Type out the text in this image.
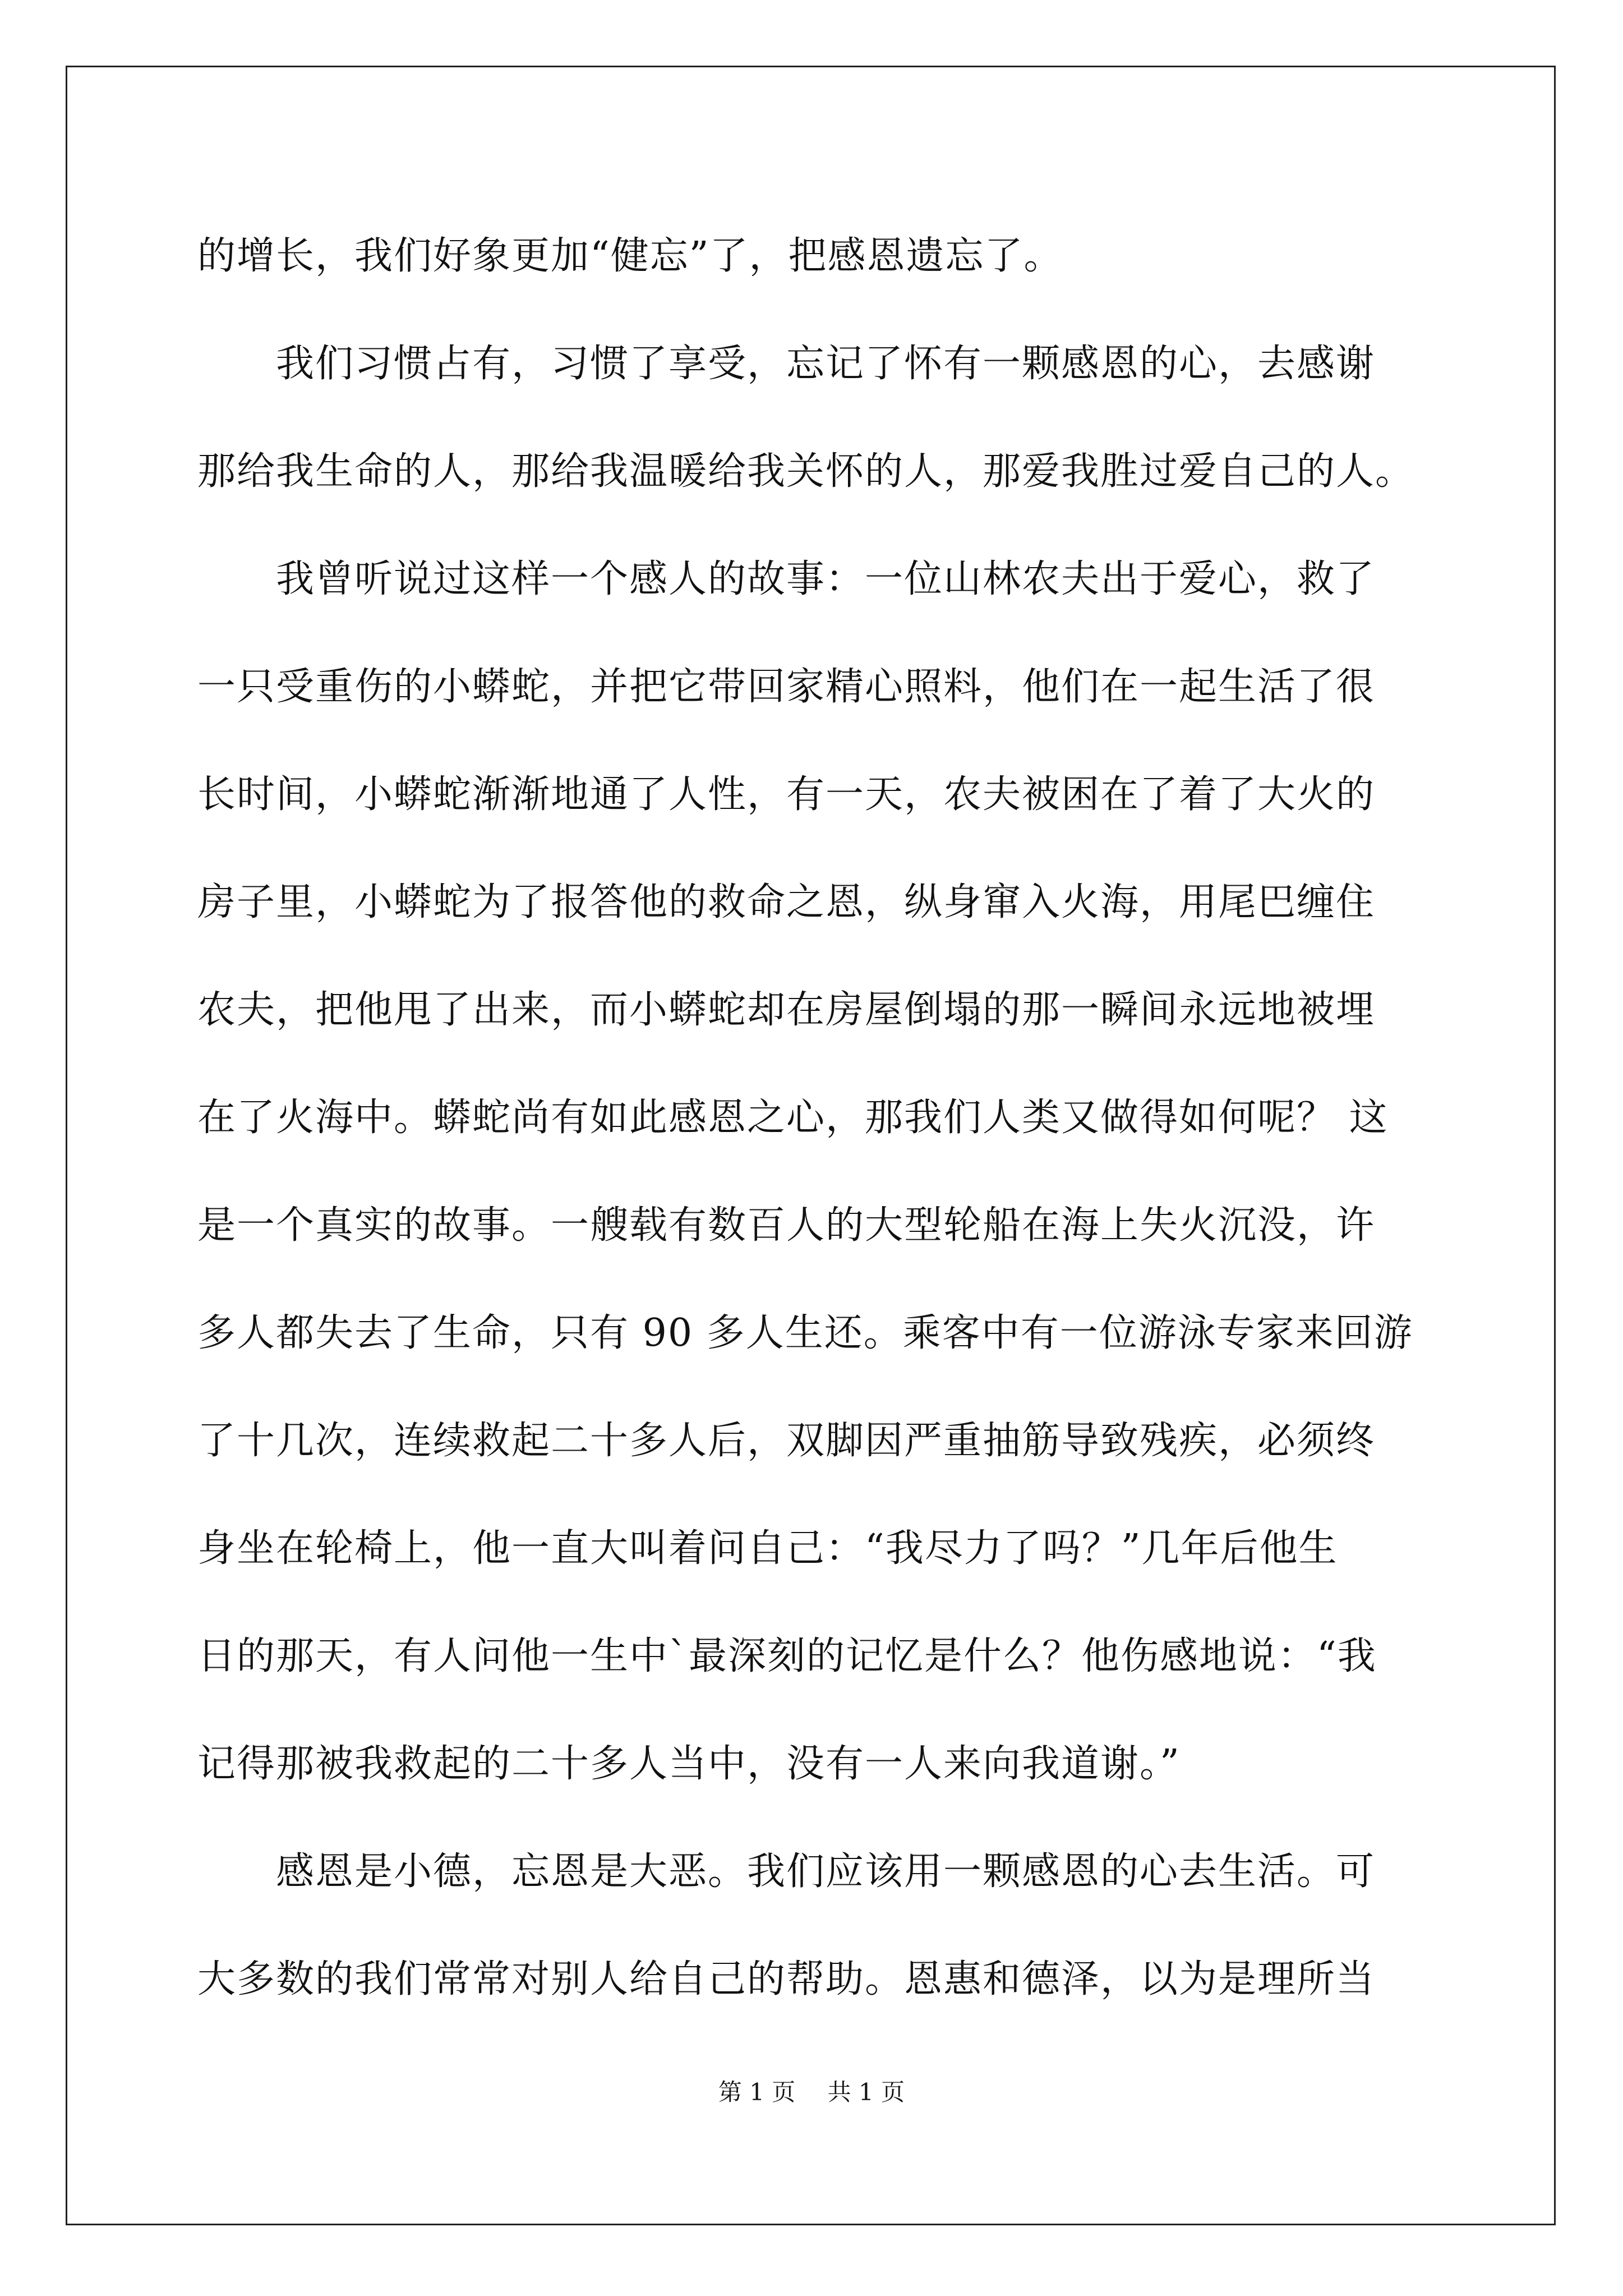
的增长，我们好象更加“健忘”了，把感恩遗忘了。
　　我们习惯占有，习惯了享受，忘记了怀有一颗感恩的心，去感谢
那给我生命的人，那给我温暖给我关怀的人，那爱我胜过爱自己的人。
　　我曾听说过这样一个感人的故事：一位山林农夫出于爱心，救了
一只受重伤的小蟒蛇，并把它带回家精心照料，他们在一起生活了很
长时间，小蟒蛇渐渐地通了人性，有一天，农夫被困在了着了大火的
房子里，小蟒蛇为了报答他的救命之恩，纵身窜入火海，用尾巴缠住
农夫，把他甩了出来，而小蟒蛇却在房屋倒塌的那一瞬间永远地被埋
在了火海中。蟒蛇尚有如此感恩之心，那我们人类又做得如何呢？ 这
是一个真实的故事。一艘载有数百人的大型轮船在海上失火沉没，许
多人都失去了生命，只有 90 多人生还。乘客中有一位游泳专家来回游
了十几次，连续救起二十多人后，双脚因严重抽筋导致残疾，必须终
身坐在轮椅上，他一直大叫着问自己：“我尽力了吗？”几年后他生
日的那天，有人问他一生中`最深刻的记忆是什么？他伤感地说：“我
记得那被我救起的二十多人当中，没有一人来向我道谢。”
　　感恩是小德，忘恩是大恶。我们应该用一颗感恩的心去生活。可
大多数的我们常常对别人给自己的帮助。恩惠和德泽，以为是理所当
第 1 页 共 1 页
